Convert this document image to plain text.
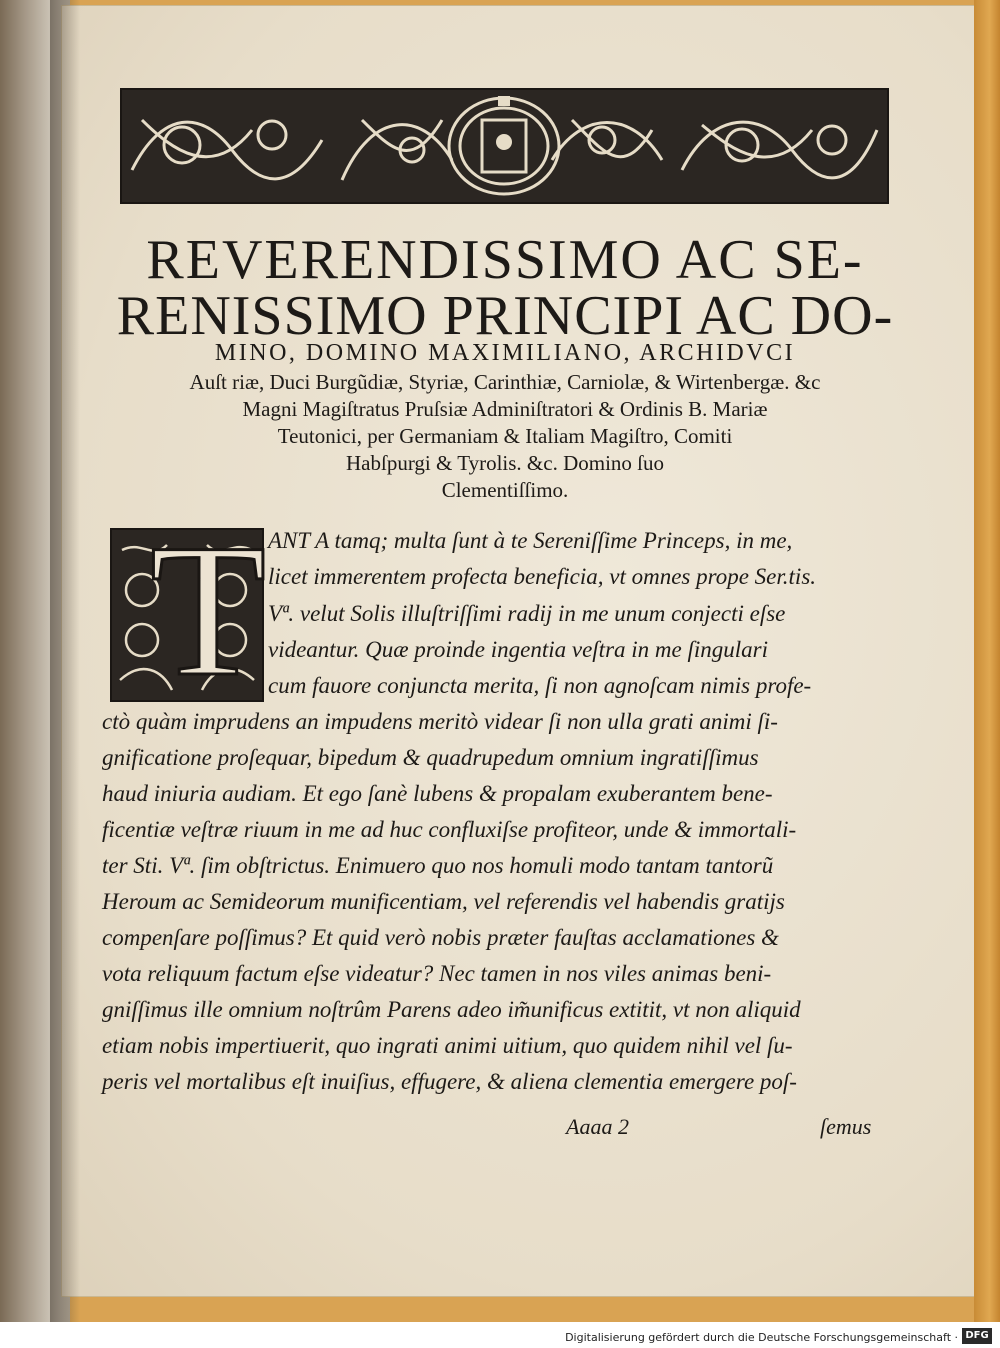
REVERENDISSIMO AC SE-
RENISSIMO PRINCIPI AC DO-
MINO, DOMINO MAXIMILIANO, ARCHIDVCI
Auſt riæ, Duci Burgũdiæ, Styriæ, Carinthiæ, Carniolæ, & Wirtenbergæ. &c
Magni Magiſtratus Pruſsiæ Adminiſtratori & Ordinis B. Mariæ
Teutonici, per Germaniam & Italiam Magiſtro, Comiti
Habſpurgi & Tyrolis. &c. Domino ſuo
Clementiſſimo.
T ANT A tamq; multa ſunt à te Sereniſſime Princeps, in me,
licet immerentem profecta beneficia, vt omnes prope Ser.tis.
Vª. velut Solis illuſtriſſimi radij in me unum conjecti eſse
videantur. Quæ proinde ingentia veſtra in me ſingulari
cum fauore conjuncta merita, ſi non agnoſcam nimis profe-
ctò quàm imprudens an impudens meritò videar ſi non ulla grati animi ſi-
gnificatione proſequar, bipedum & quadrupedum omnium ingratiſſimus
haud iniuria audiam. Et ego ſanè lubens & propalam exuberantem bene-
ficentiæ veſtræ riuum in me ad huc confluxiſse profiteor, unde & immortali-
ter Sti. Vª. ſim obſtrictus. Enimuero quo nos homuli modo tantam tantorũ
Heroum ac Semideorum munificentiam, vel referendis vel habendis gratijs
compenſare poſſimus? Et quid verò nobis præter fauſtas acclamationes &
vota reliquum factum eſse videatur? Nec tamen in nos viles animas beni-
gniſſimus ille omnium noſtrûm Parens adeo im̃unificus extitit, vt non aliquid
etiam nobis impertiuerit, quo ingrati animi uitium, quo quidem nihil vel ſu-
peris vel mortalibus eſt inuiſius, effugere, & aliena clementia emergere poſ-
Aaaa 2	ſemus
Digitalisierung gefördert durch die Deutsche Forschungsgemeinschaft · DFG
